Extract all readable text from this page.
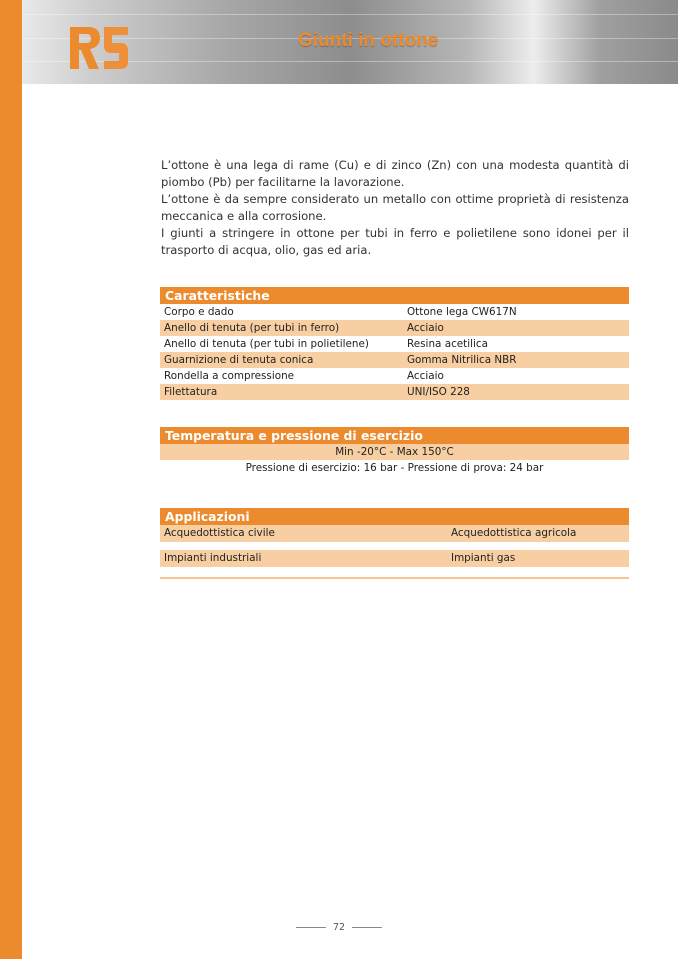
Giunti in ottone

L’ottone è una lega di rame (Cu) e di zinco (Zn) con una modesta quantità di piombo (Pb) per facilitarne la lavorazione.

L’ottone è da sempre considerato un metallo con ottime proprietà di resistenza meccanica e alla corrosione.

I giunti a stringere in ottone per tubi in ferro e polietilene sono idonei per il trasporto di acqua, olio, gas ed aria.

Caratteristiche
Corpo e dado	Ottone lega CW617N
Anello di tenuta (per tubi in ferro)	Acciaio
Anello di tenuta (per tubi in polietilene)	Resina acetilica
Guarnizione di tenuta conica	Gomma Nitrilica NBR
Rondella a compressione	Acciaio
Filettatura	UNI/ISO 228
Temperatura e pressione di esercizio
Min -20°C - Max 150°C
Pressione di esercizio: 16 bar - Pressione di prova: 24 bar
Applicazioni
Acquedottistica civile	Acquedottistica agricola
Impianti industriali	Impianti gas
72
